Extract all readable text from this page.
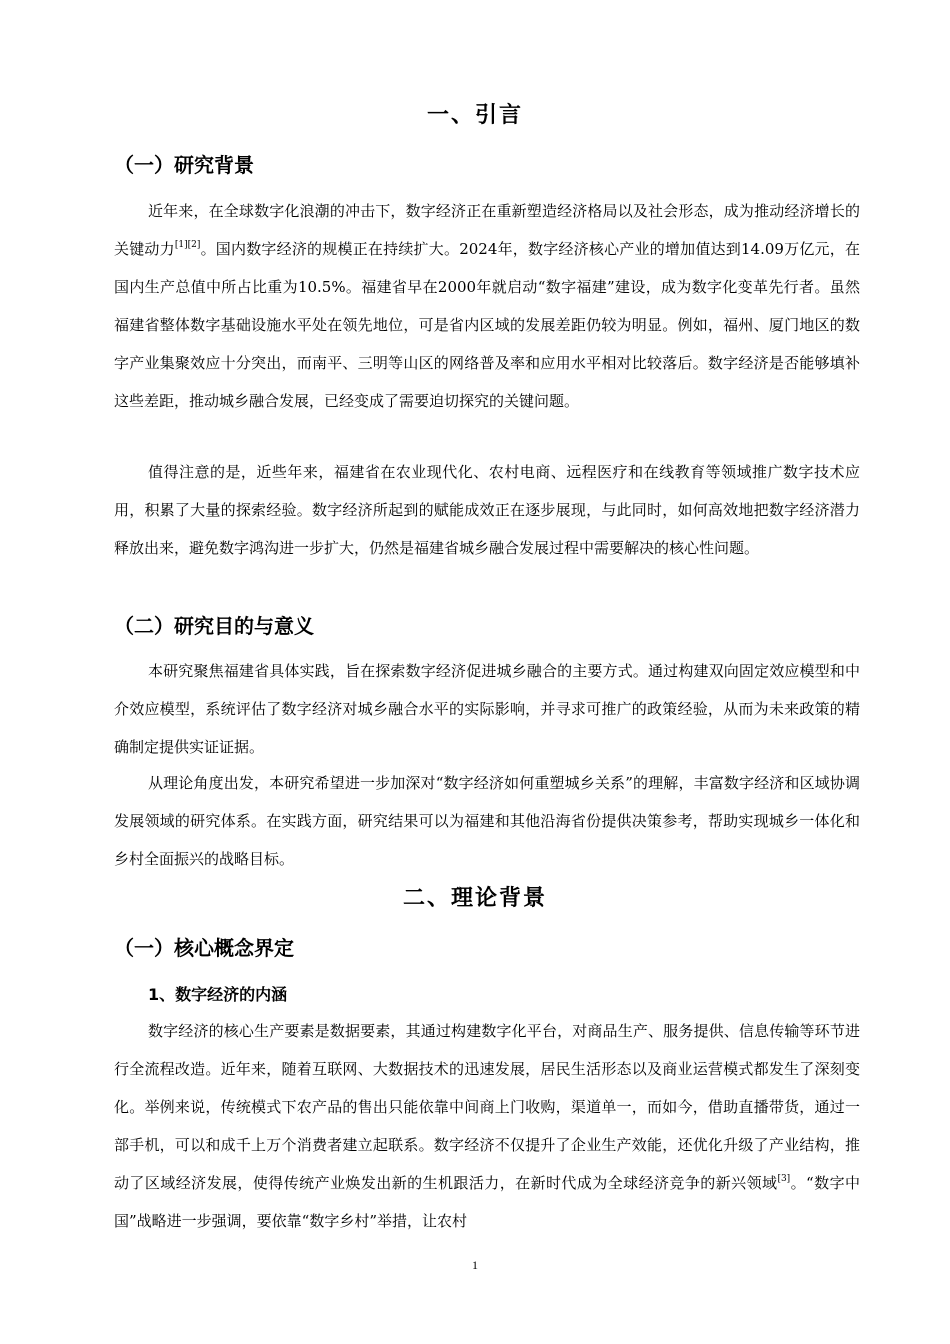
一、引言
（一）研究背景

近年来，在全球数字化浪潮的冲击下，数字经济正在重新塑造经济格局以及社会形态，成为推动经济增长的关键动力[1][2]。国内数字经济的规模正在持续扩大。2024年，数字经济核心产业的增加值达到14.09万亿元，在国内生产总值中所占比重为10.5%。福建省早在2000年就启动“数字福建”建设，成为数字化变革先行者。虽然福建省整体数字基础设施水平处在领先地位，可是省内区域的发展差距仍较为明显。例如，福州、厦门地区的数字产业集聚效应十分突出，而南平、三明等山区的网络普及率和应用水平相对比较落后。数字经济是否能够填补这些差距，推动城乡融合发展，已经变成了需要迫切探究的关键问题。

值得注意的是，近些年来，福建省在农业现代化、农村电商、远程医疗和在线教育等领域推广数字技术应用，积累了大量的探索经验。数字经济所起到的赋能成效正在逐步展现，与此同时，如何高效地把数字经济潜力释放出来，避免数字鸿沟进一步扩大，仍然是福建省城乡融合发展过程中需要解决的核心性问题。

（二）研究目的与意义

本研究聚焦福建省具体实践，旨在探索数字经济促进城乡融合的主要方式。通过构建双向固定效应模型和中介效应模型，系统评估了数字经济对城乡融合水平的实际影响，并寻求可推广的政策经验，从而为未来政策的精确制定提供实证证据。

从理论角度出发，本研究希望进一步加深对“数字经济如何重塑城乡关系”的理解，丰富数字经济和区域协调发展领域的研究体系。在实践方面，研究结果可以为福建和其他沿海省份提供决策参考，帮助实现城乡一体化和乡村全面振兴的战略目标。

二、理论背景
（一）核心概念界定
1、数字经济的内涵

数字经济的核心生产要素是数据要素，其通过构建数字化平台，对商品生产、服务提供、信息传输等环节进行全流程改造。近年来，随着互联网、大数据技术的迅速发展，居民生活形态以及商业运营模式都发生了深刻变化。举例来说，传统模式下农产品的售出只能依靠中间商上门收购，渠道单一，而如今，借助直播带货，通过一部手机，可以和成千上万个消费者建立起联系。数字经济不仅提升了企业生产效能，还优化升级了产业结构，推动了区域经济发展，使得传统产业焕发出新的生机跟活力，在新时代成为全球经济竞争的新兴领域[3]。“数字中国”战略进一步强调，要依靠“数字乡村”举措，让农村

1
